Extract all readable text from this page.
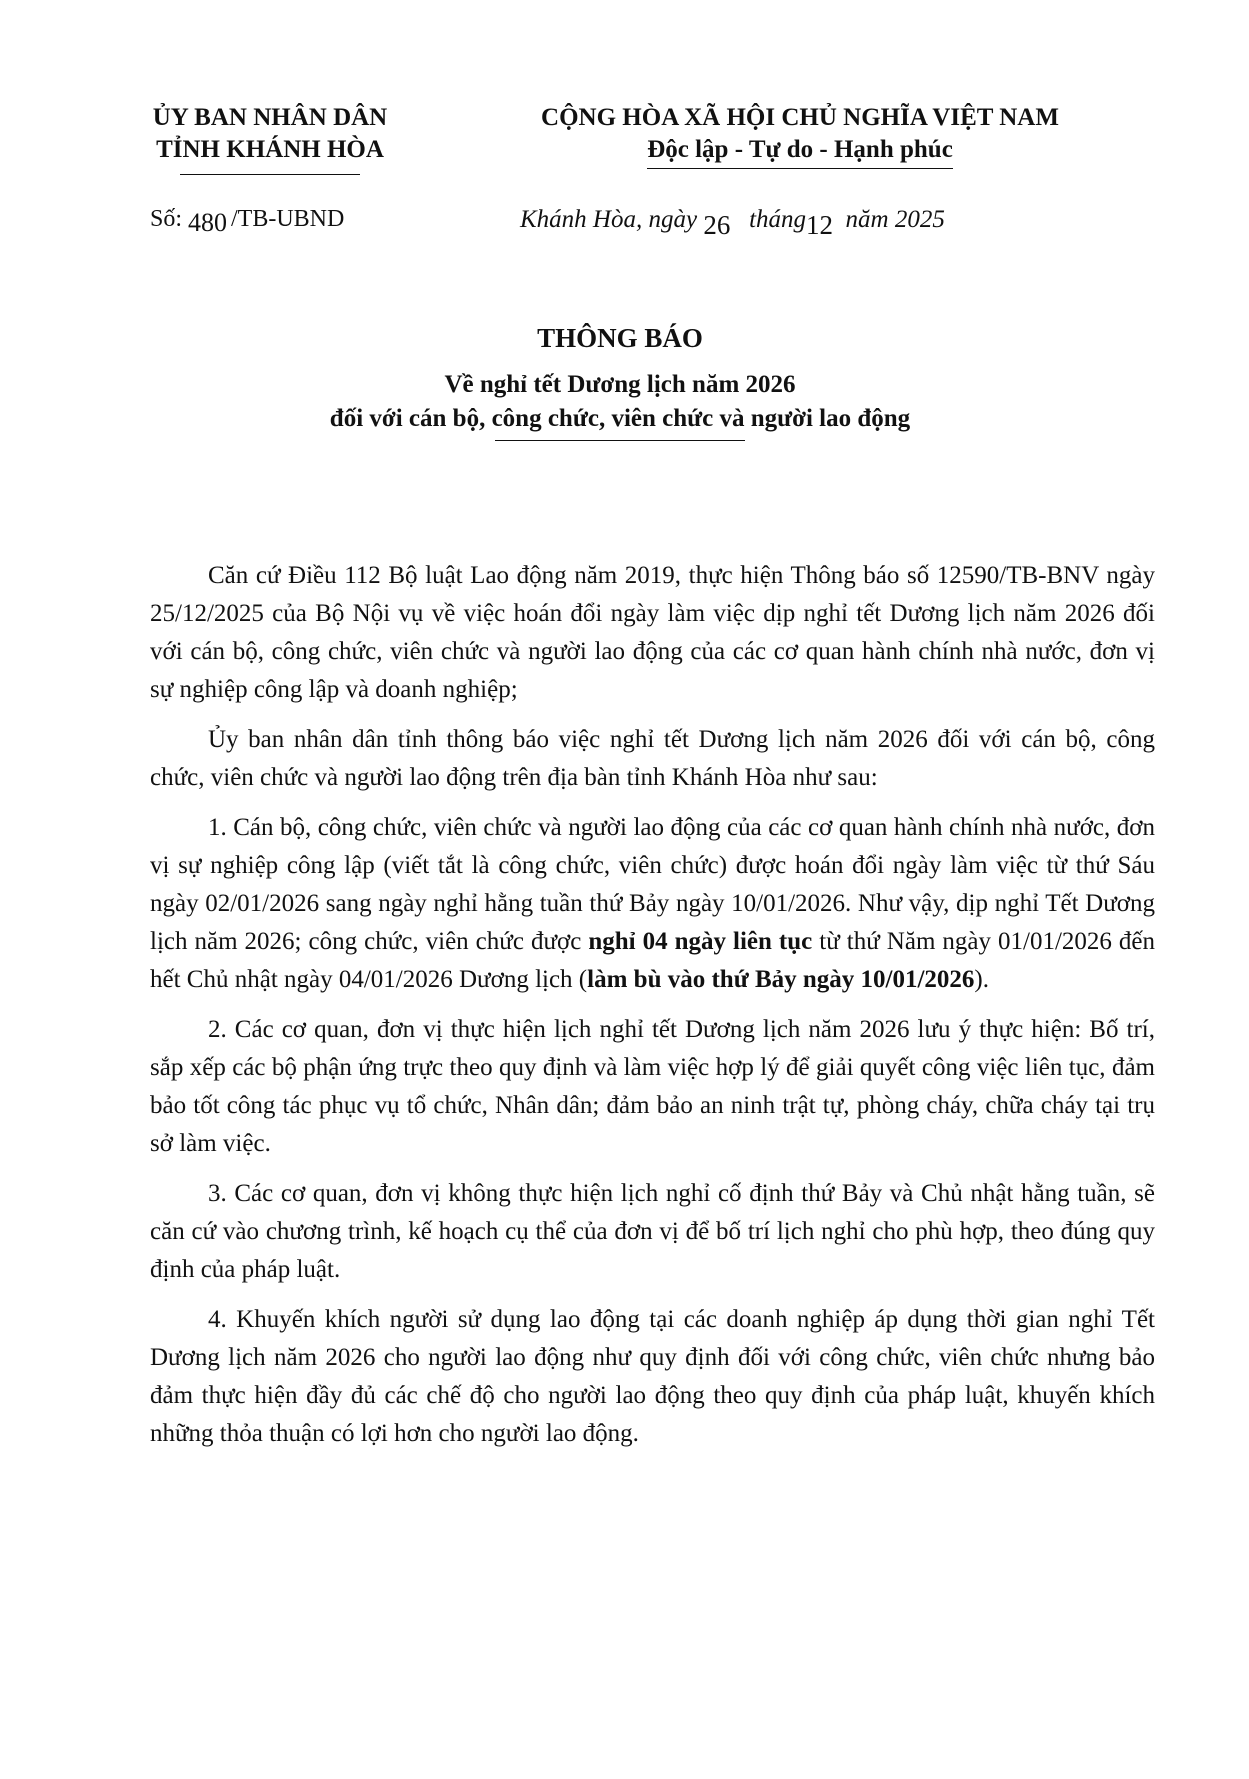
ỦY BAN NHÂN DÂN
TỈNH KHÁNH HÒA
CỘNG HÒA XÃ HỘI CHỦ NGHĨA VIỆT NAM
Độc lập - Tự do - Hạnh phúc
Số: 480 /TB-UBND	Khánh Hòa, ngày 26 tháng12 năm 2025
THÔNG BÁO
Về nghỉ tết Dương lịch năm 2026
đối với cán bộ, công chức, viên chức và người lao động

Căn cứ Điều 112 Bộ luật Lao động năm 2019, thực hiện Thông báo số 12590/TB-BNV ngày 25/12/2025 của Bộ Nội vụ về việc hoán đổi ngày làm việc dịp nghỉ tết Dương lịch năm 2026 đối với cán bộ, công chức, viên chức và người lao động của các cơ quan hành chính nhà nước, đơn vị sự nghiệp công lập và doanh nghiệp;

Ủy ban nhân dân tỉnh thông báo việc nghỉ tết Dương lịch năm 2026 đối với cán bộ, công chức, viên chức và người lao động trên địa bàn tỉnh Khánh Hòa như sau:

1. Cán bộ, công chức, viên chức và người lao động của các cơ quan hành chính nhà nước, đơn vị sự nghiệp công lập (viết tắt là công chức, viên chức) được hoán đổi ngày làm việc từ thứ Sáu ngày 02/01/2026 sang ngày nghỉ hằng tuần thứ Bảy ngày 10/01/2026. Như vậy, dịp nghỉ Tết Dương lịch năm 2026; công chức, viên chức được nghỉ 04 ngày liên tục từ thứ Năm ngày 01/01/2026 đến hết Chủ nhật ngày 04/01/2026 Dương lịch (làm bù vào thứ Bảy ngày 10/01/2026).

2. Các cơ quan, đơn vị thực hiện lịch nghỉ tết Dương lịch năm 2026 lưu ý thực hiện: Bố trí, sắp xếp các bộ phận ứng trực theo quy định và làm việc hợp lý để giải quyết công việc liên tục, đảm bảo tốt công tác phục vụ tổ chức, Nhân dân; đảm bảo an ninh trật tự, phòng cháy, chữa cháy tại trụ sở làm việc.

3. Các cơ quan, đơn vị không thực hiện lịch nghỉ cố định thứ Bảy và Chủ nhật hằng tuần, sẽ căn cứ vào chương trình, kế hoạch cụ thể của đơn vị để bố trí lịch nghỉ cho phù hợp, theo đúng quy định của pháp luật.

4. Khuyến khích người sử dụng lao động tại các doanh nghiệp áp dụng thời gian nghỉ Tết Dương lịch năm 2026 cho người lao động như quy định đối với công chức, viên chức nhưng bảo đảm thực hiện đầy đủ các chế độ cho người lao động theo quy định của pháp luật, khuyến khích những thỏa thuận có lợi hơn cho người lao động.
